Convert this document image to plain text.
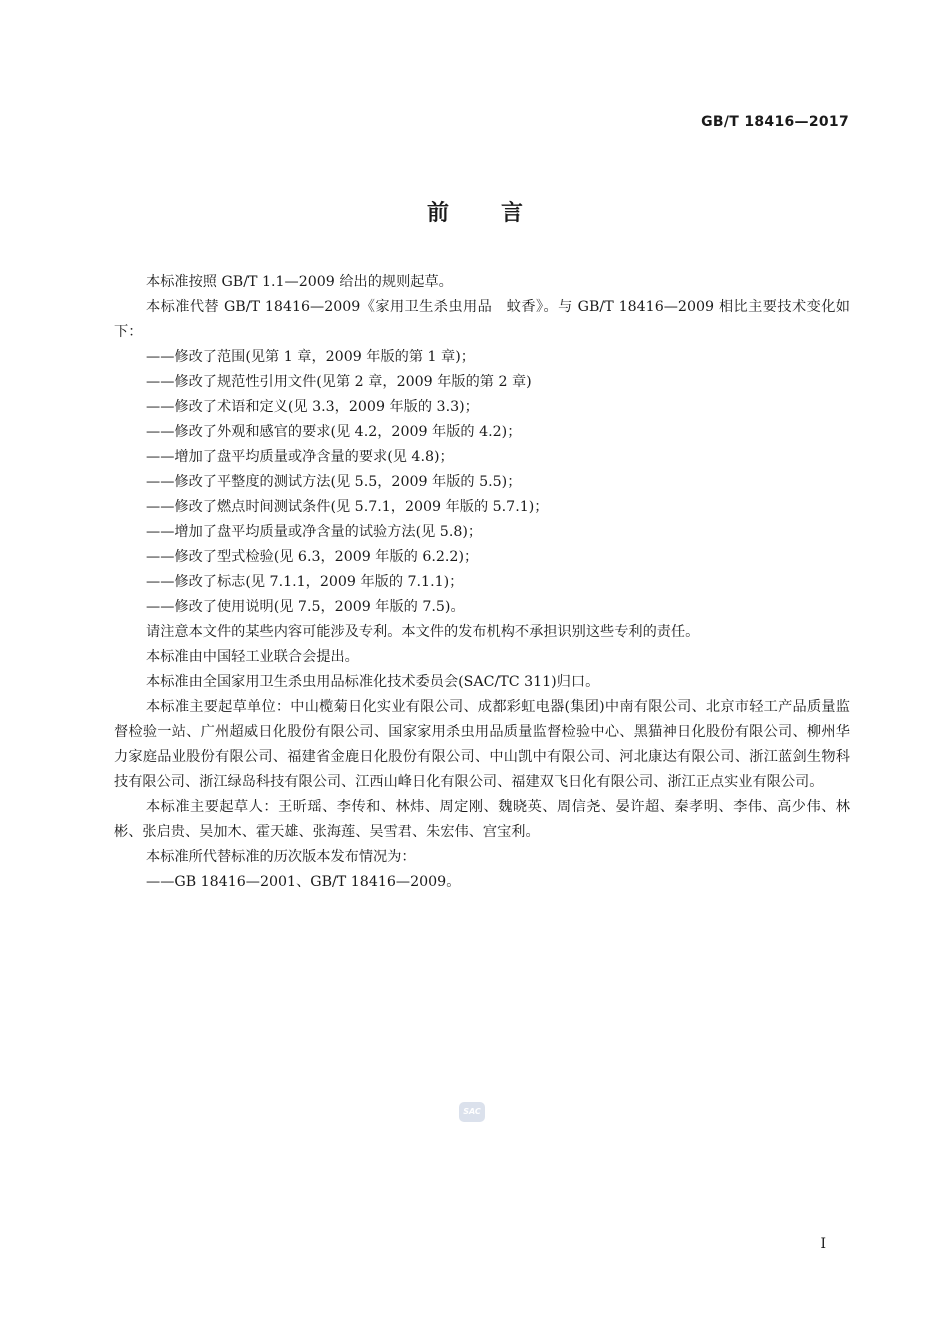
GB/T 18416—2017
前言

本标准按照 GB/T 1.1—2009 给出的规则起草。

本标准代替 GB/T 18416—2009《家用卫生杀虫用品　蚊香》。与 GB/T 18416—2009 相比主要技术变化如下：

——修改了范围(见第 1 章，2009 年版的第 1 章)；

——修改了规范性引用文件(见第 2 章，2009 年版的第 2 章)

——修改了术语和定义(见 3.3，2009 年版的 3.3)；

——修改了外观和感官的要求(见 4.2，2009 年版的 4.2)；

——增加了盘平均质量或净含量的要求(见 4.8)；

——修改了平整度的测试方法(见 5.5，2009 年版的 5.5)；

——修改了燃点时间测试条件(见 5.7.1，2009 年版的 5.7.1)；

——增加了盘平均质量或净含量的试验方法(见 5.8)；

——修改了型式检验(见 6.3，2009 年版的 6.2.2)；

——修改了标志(见 7.1.1，2009 年版的 7.1.1)；

——修改了使用说明(见 7.5，2009 年版的 7.5)。

请注意本文件的某些内容可能涉及专利。本文件的发布机构不承担识别这些专利的责任。

本标准由中国轻工业联合会提出。

本标准由全国家用卫生杀虫用品标准化技术委员会(SAC/TC 311)归口。

本标准主要起草单位：中山榄菊日化实业有限公司、成都彩虹电器(集团)中南有限公司、北京市轻工产品质量监督检验一站、广州超威日化股份有限公司、国家家用杀虫用品质量监督检验中心、黑猫神日化股份有限公司、柳州华力家庭品业股份有限公司、福建省金鹿日化股份有限公司、中山凯中有限公司、河北康达有限公司、浙江蓝剑生物科技有限公司、浙江绿岛科技有限公司、江西山峰日化有限公司、福建双飞日化有限公司、浙江正点实业有限公司。

本标准主要起草人：王昕瑶、李传和、林炜、周定刚、魏晓英、周信尧、晏许超、秦孝明、李伟、高少伟、林彬、张启贵、吴加木、霍天雄、张海莲、吴雪君、朱宏伟、宫宝利。

本标准所代替标准的历次版本发布情况为：

——GB 18416—2001、GB/T 18416—2009。

SAC
I
